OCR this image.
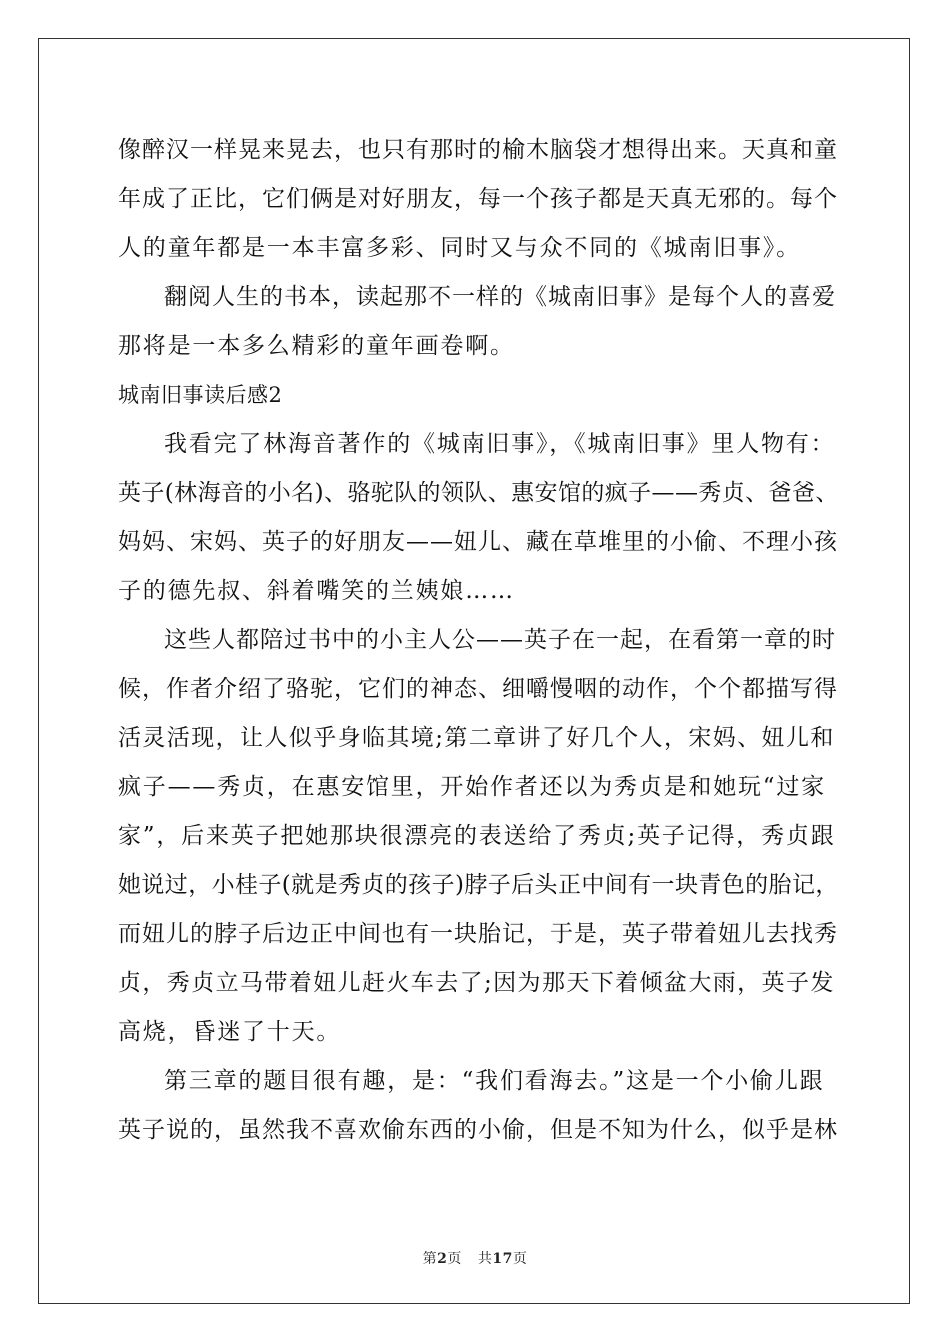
像醉汉一样晃来晃去，也只有那时的榆木脑袋才想得出来。天真和童
年成了正比，它们俩是对好朋友，每一个孩子都是天真无邪的。每个
人的童年都是一本丰富多彩、同时又与众不同的《城南旧事》。
翻阅人生的书本，读起那不一样的《城南旧事》是每个人的喜爱
那将是一本多么精彩的童年画卷啊。
城南旧事读后感2
我看完了林海音著作的《城南旧事》，《城南旧事》里人物有：
英子(林海音的小名)、骆驼队的领队、惠安馆的疯子——秀贞、爸爸、
妈妈、宋妈、英子的好朋友——妞儿、藏在草堆里的小偷、不理小孩
子的德先叔、斜着嘴笑的兰姨娘……
这些人都陪过书中的小主人公——英子在一起，在看第一章的时
候，作者介绍了骆驼，它们的神态、细嚼慢咽的动作，个个都描写得
活灵活现，让人似乎身临其境;第二章讲了好几个人，宋妈、妞儿和
疯子——秀贞，在惠安馆里，开始作者还以为秀贞是和她玩“过家
家”，后来英子把她那块很漂亮的表送给了秀贞;英子记得，秀贞跟
她说过，小桂子(就是秀贞的孩子)脖子后头正中间有一块青色的胎记，
而妞儿的脖子后边正中间也有一块胎记，于是，英子带着妞儿去找秀
贞，秀贞立马带着妞儿赶火车去了;因为那天下着倾盆大雨，英子发
高烧，昏迷了十天。
第三章的题目很有趣，是：“我们看海去。”这是一个小偷儿跟
英子说的，虽然我不喜欢偷东西的小偷，但是不知为什么，似乎是林
第2页 共17页
